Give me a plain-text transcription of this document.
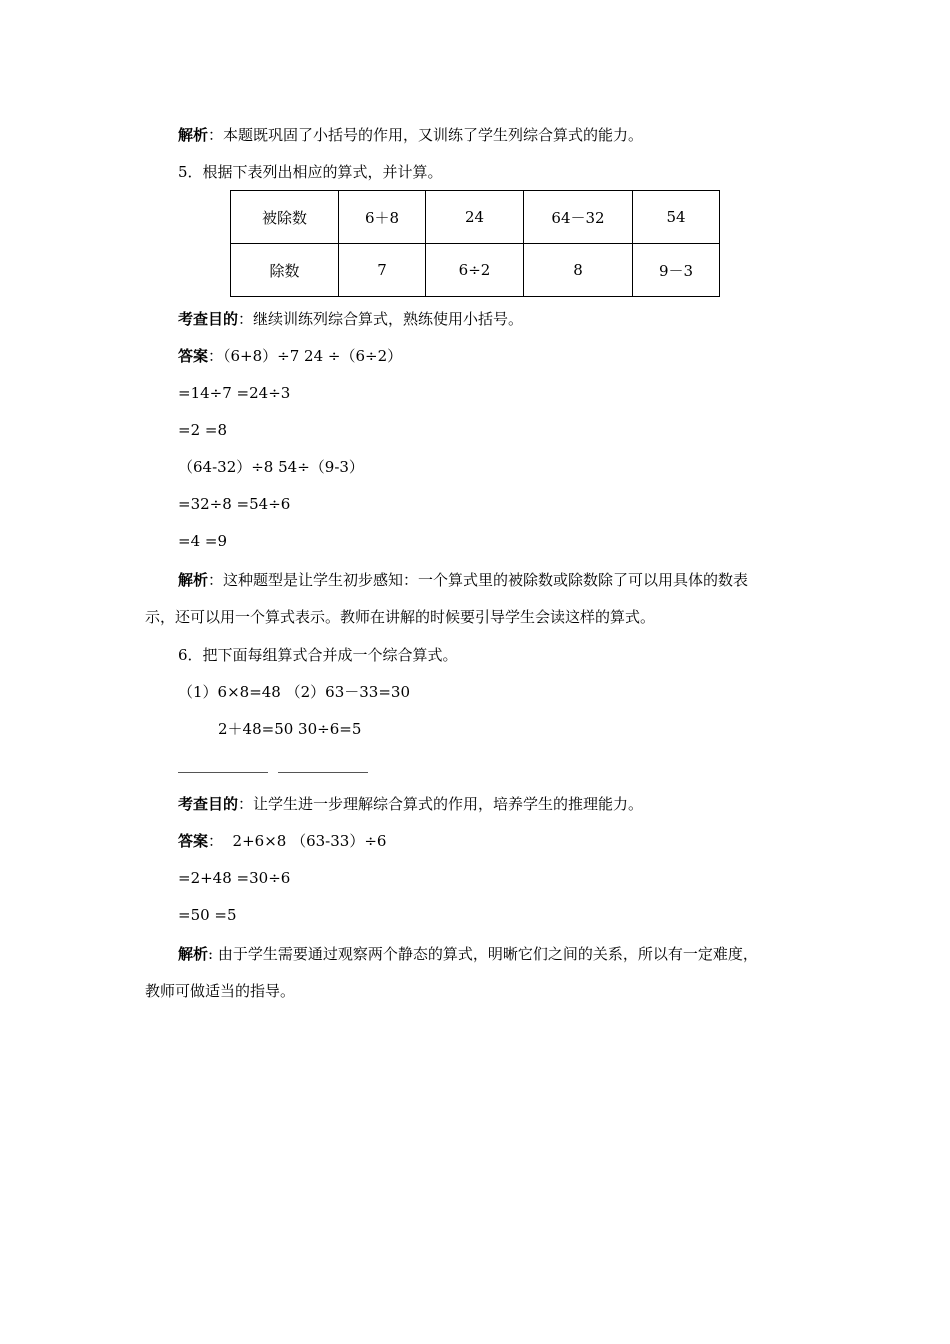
解析：本题既巩固了小括号的作用，又训练了学生列综合算式的能力。
5．根据下表列出相应的算式，并计算。
被除数	6＋8	24	64－32	54
除数	7	6÷2	8	9－3
考查目的：继续训练列综合算式，熟练使用小括号。
答案：（6+8）÷7 24 ÷（6÷2）
=14÷7 =24÷3
=2 =8
（64-32）÷8 54÷（9-3）
=32÷8 =54÷6
=4 =9
解析：这种题型是让学生初步感知：一个算式里的被除数或除数除了可以用具体的数表
示，还可以用一个算式表示。教师在讲解的时候要引导学生会读这样的算式。
6．把下面每组算式合并成一个综合算式。
（1）6×8=48 （2）63－33=30
2＋48=50 30÷6=5
考查目的：让学生进一步理解综合算式的作用，培养学生的推理能力。
答案：  2+6×8 （63-33）÷6
=2+48 =30÷6
=50 =5
解析: 由于学生需要通过观察两个静态的算式，明晰它们之间的关系，所以有一定难度，
教师可做适当的指导。
